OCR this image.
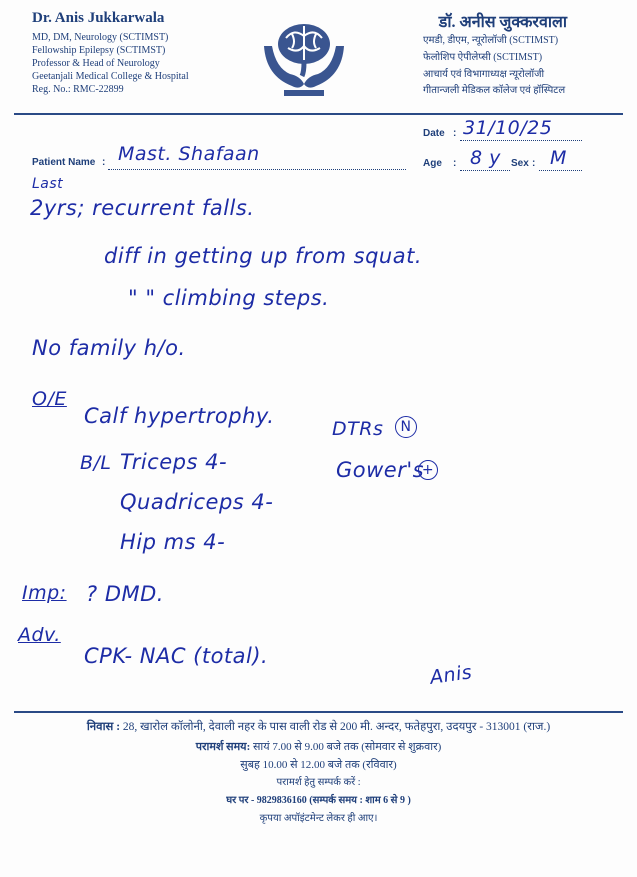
Dr. Anis Jukkarwala
MD, DM, Neurology (SCTIMST)
Fellowship Epilepsy (SCTIMST)
Professor & Head of Neurology
Geetanjali Medical College & Hospital
Reg. No.: RMC-22899
डॉ. अनीस जुक्करवाला
एमडी, डीएम, न्यूरोलॉजी (SCTIMST)
फेलोशिप ऐपीलेप्सी (SCTIMST)
आचार्य एवं विभागाध्यक्ष न्यूरोलॉजी
गीतान्जली मेडिकल कॉलेज एवं हॉस्पिटल
Date : 31/10/25
Patient Name : Mast. Shafaan	Age : 8 y Sex : M
Last
2yrs; recurrent falls.
diff in getting up from squat.
" " climbing steps.
No family h/o.
O/E
Calf hypertrophy.
B/L Triceps 4-
Quadriceps 4-
Hip ms 4-
DTRs	N
Gower's
+
Imp: ? DMD.
Adv.
CPK- NAC (total).
Anis
निवास : 28, खारोल कॉलोनी, देवाली नहर के पास वाली रोड से 200 मी. अन्दर, फतेहपुरा, उदयपुर - 313001 (राज.)
परामर्श समय: सायं 7.00 से 9.00 बजे तक (सोमवार से शुक्रवार)
सुबह 10.00 से 12.00 बजे तक (रविवार)
परामर्श हेतु सम्पर्क करें :
घर पर - 9829836160 (सम्पर्क समय : शाम 6 से 9 )
कृपया अपॉइंटमेन्ट लेकर ही आए।
